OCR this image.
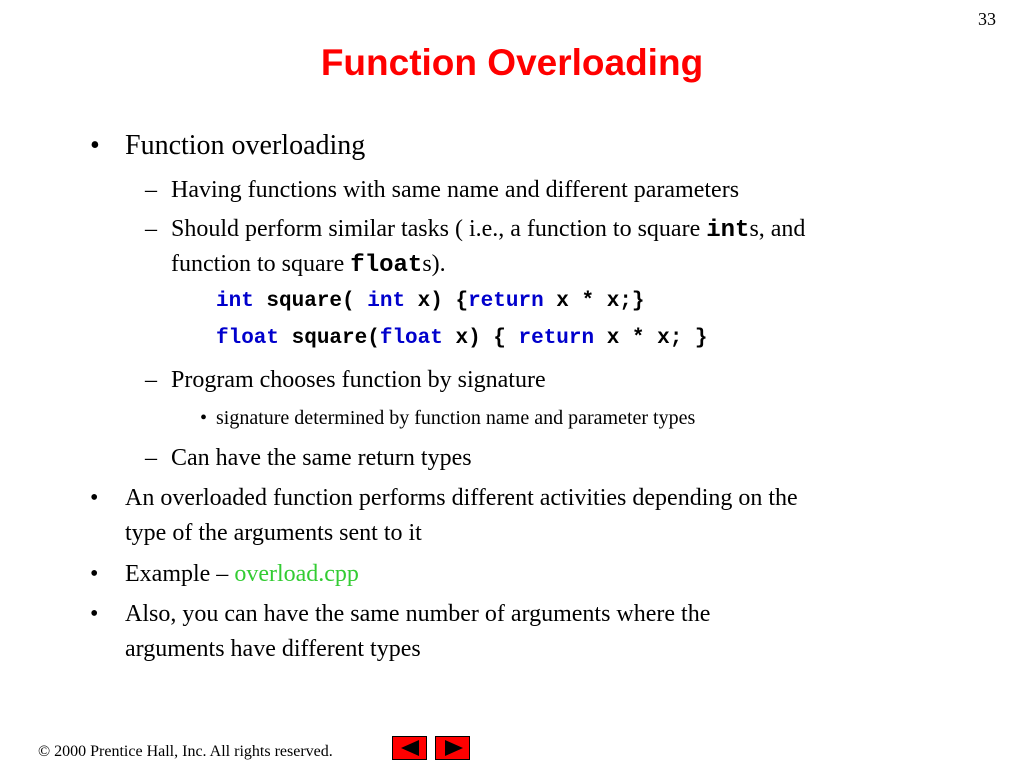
33
Function Overloading
• Function overloading
– Having functions with same name and different parameters
– Should perform similar tasks ( i.e., a function to square ints, and
function to square floats).
int square( int x) {return x * x;}
float square(float x) { return x * x; }
– Program chooses function by signature
• signature determined by function name and parameter types
– Can have the same return types
• An overloaded function performs different activities depending on the
type of the arguments sent to it
• Example – overload.cpp
• Also, you can have the same number of arguments where the
arguments have different types
© 2000 Prentice Hall, Inc. All rights reserved.
